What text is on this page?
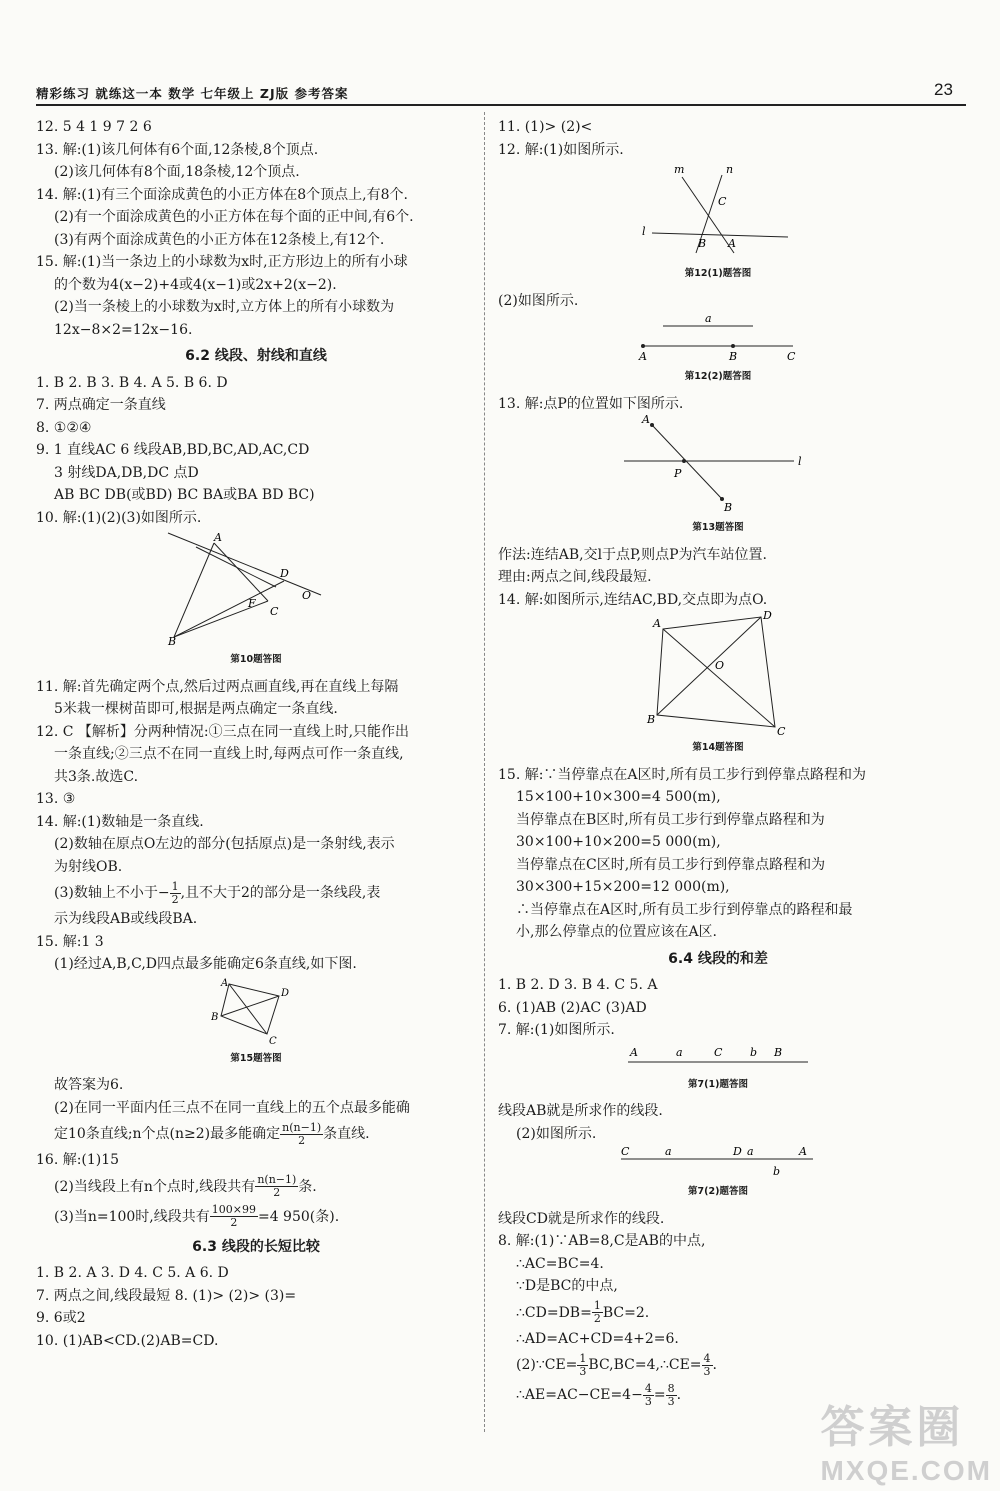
精彩练习 就练这一本 数学 七年级上 ZJ版 参考答案	23
12. 5 4 1 9 7 2 6
13. 解:(1)该几何体有6个面,12条棱,8个顶点.
(2)该几何体有8个面,18条棱,12个顶点.
14. 解:(1)有三个面涂成黄色的小正方体在8个顶点上,有8个.
(2)有一个面涂成黄色的小正方体在每个面的正中间,有6个.
(3)有两个面涂成黄色的小正方体在12条棱上,有12个.
15. 解:(1)当一条边上的小球数为x时,正方形边上的所有小球
的个数为4(x−2)+4或4(x−1)或2x+2(x−2).
(2)当一条棱上的小球数为x时,立方体上的所有小球数为
12x−8×2=12x−16.
6.2 线段、射线和直线
1. B 2. B 3. B 4. A 5. B 6. D
7. 两点确定一条直线
8. ①②④
9. 1 直线AC 6 线段AB,BD,BC,AD,AC,CD
3 射线DA,DB,DC 点D
AB BC DB(或BD) BC BA或BA BD BC)
10. 解:(1)(2)(3)如图所示.
A
D
O
F
C
B
第10题答图
11. 解:首先确定两个点,然后过两点画直线,再在直线上每隔
5米栽一棵树苗即可,根据是两点确定一条直线.
12. C 【解析】分两种情况:①三点在同一直线上时,只能作出
一条直线;②三点不在同一直线上时,每两点可作一条直线,
共3条.故选C.
13. ③
14. 解:(1)数轴是一条直线.
(2)数轴在原点O左边的部分(包括原点)是一条射线,表示
为射线OB.
(3)数轴上不小于− $\frac{1}{2}$ ,且不大于2的部分是一条线段,表
示为线段AB或线段BA.
15. 解:1 3
(1)经过A,B,C,D四点最多能确定6条直线,如下图.
A
D
B
C
第15题答图
故答案为6.
(2)在同一平面内任三点不在同一直线上的五个点最多能确
定10条直线;n个点(n≥2)最多能确定 $\frac{n(n-1)}{2}$ 条直线.
16. 解:(1)15
(2)当线段上有n个点时,线段共有 $\frac{n(n-1)}{2}$ 条.
(3)当n=100时,线段共有 $\frac{100\times 99}{2} =4$ 950(条).
6.3 线段的长短比较
1. B 2. A 3. D 4. C 5. A 6. D
7. 两点之间,线段最短 8. (1)> (2)> (3)=
9. 6或2
10. (1)AB<CD.(2)AB=CD.
11. (1)> (2)<
12. 解:(1)如图所示.
m	n
C
l
B A
第12(1)题答图
(2)如图所示.
a
A	B	C
第12(2)题答图
13. 解:点P的位置如下图所示.
A
P
l
B
第13题答图
作法:连结AB,交l于点P,则点P为汽车站位置.
理由:两点之间,线段最短.
14. 解:如图所示,连结AC,BD,交点即为点O.
A
D
O
B
C
第14题答图
15. 解:∵当停靠点在A区时,所有员工步行到停靠点路程和为
15×100+10×300=4 500(m),
当停靠点在B区时,所有员工步行到停靠点路程和为
30×100+10×200=5 000(m),
当停靠点在C区时,所有员工步行到停靠点路程和为
30×300+15×200=12 000(m),
∴当停靠点在A区时,所有员工步行到停靠点的路程和最
小,那么停靠点的位置应该在A区.
6.4 线段的和差
1. B 2. D 3. B 4. C 5. A
6. (1)AB (2)AC (3)AD
7. 解:(1)如图所示.
A	a	C	b B
第7(1)题答图
线段AB就是所求作的线段.
(2)如图所示.
C	a	D a	A
b
第7(2)题答图
线段CD就是所求作的线段.
8. 解:(1)∵AB=8,C是AB的中点,
∴AC=BC=4.
∵D是BC的中点,
∴CD=DB= $\frac{1}{2} BC=2$.
∴AD=AC+CD=4+2=6.
(2)∵CE= $\frac{1}{3}$ BC,BC=4,∴CE= $\frac{4}{3}$ .
∴AE=AC−CE=4− $\frac{4}{3} = \frac{8}{3}$ .
答案圈
MXQE.COM
